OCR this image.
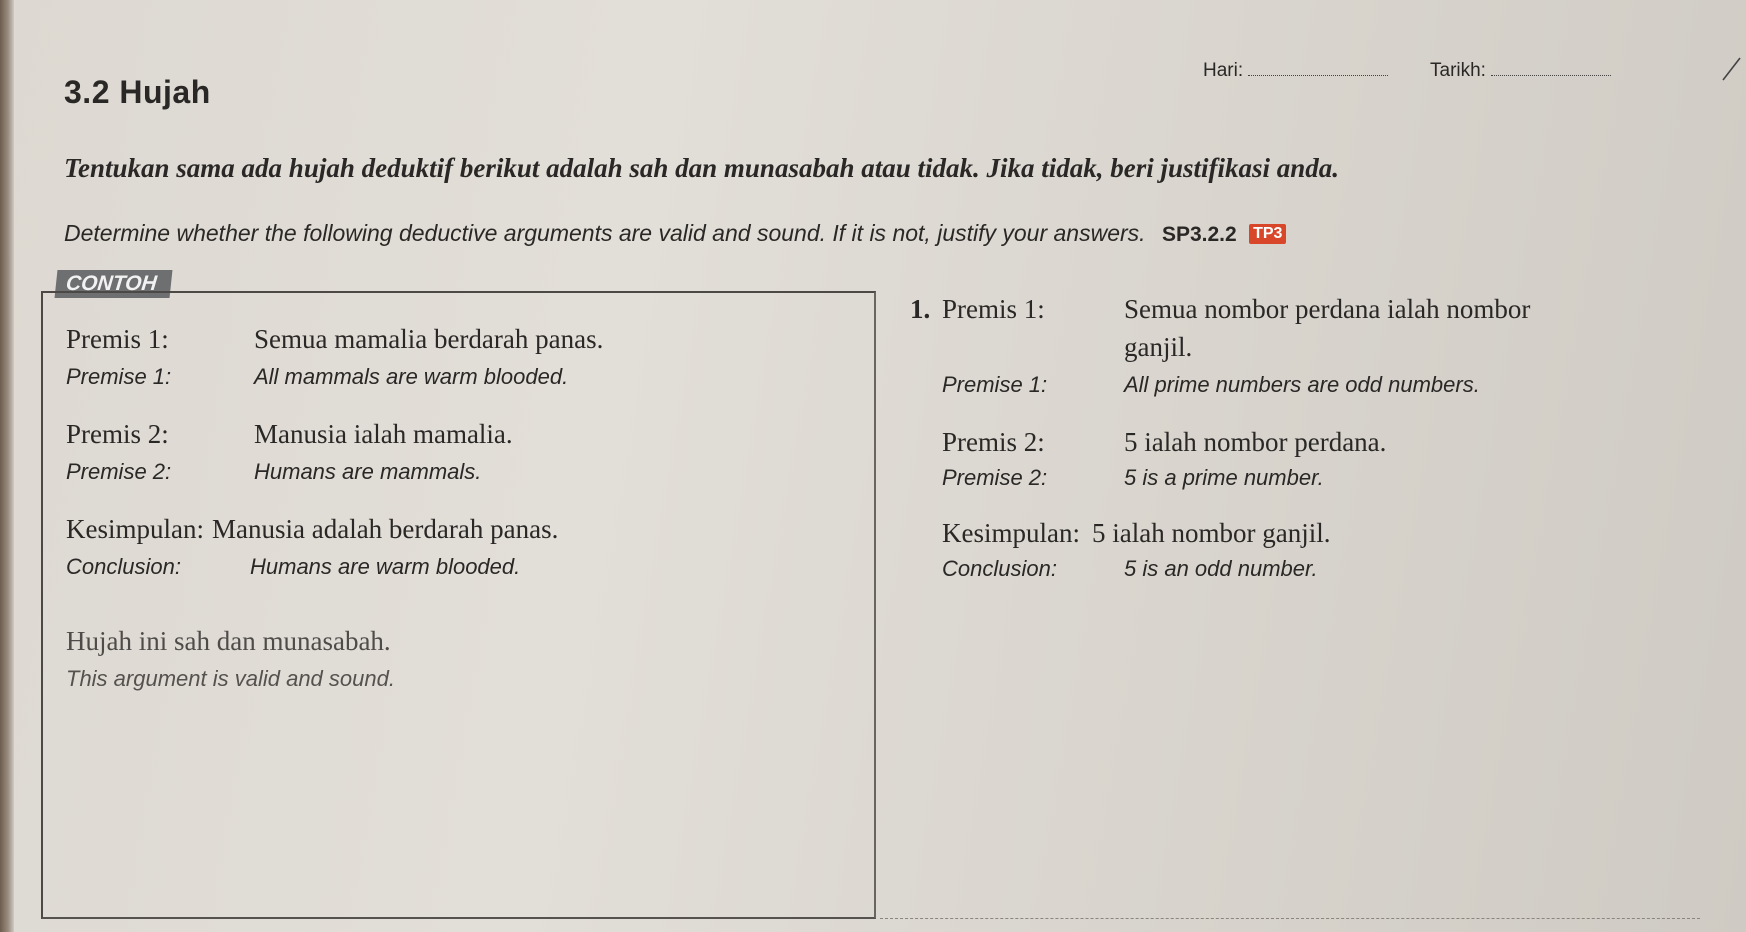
3.2 Hujah
Hari:	Tarikh:
Tentukan sama ada hujah deduktif berikut adalah sah dan munasabah atau tidak. Jika tidak, beri justifikasi anda.
Determine whether the following deductive arguments are valid and sound. If it is not, justify your answers. SP3.2.2 TP3
CONTOH
Premis 1:	Semua mamalia berdarah panas.
Premise 1:	All mammals are warm blooded.
Premis 2:	Manusia ialah mamalia.
Premise 2:	Humans are mammals.
Kesimpulan: Manusia adalah berdarah panas.
Conclusion:	Humans are warm blooded.
Hujah ini sah dan munasabah.
This argument is valid and sound.
1. Premis 1:	Semua nombor perdana ialah nombor
ganjil.
Premise 1:	All prime numbers are odd numbers.
Premis 2:	5 ialah nombor perdana.
Premise 2:	5 is a prime number.
Kesimpulan: 5 ialah nombor ganjil.
Conclusion:	5 is an odd number.
